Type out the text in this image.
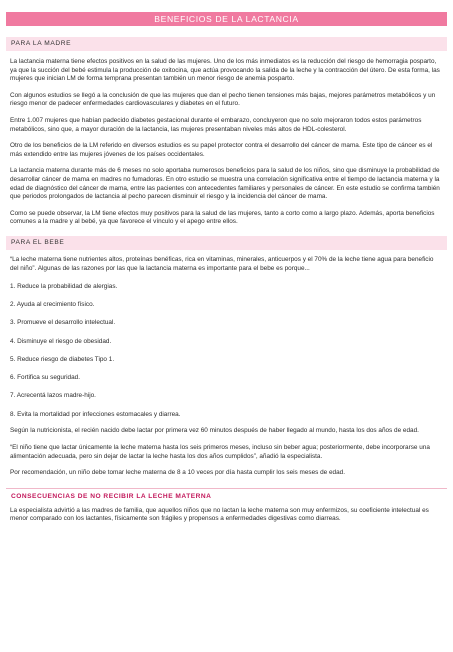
BENEFICIOS DE LA LACTANCIA
PARA LA MADRE

La lactancia materna tiene efectos positivos en la salud de las mujeres. Uno de los más inmediatos es la reducción del riesgo de hemorragia posparto, ya que la succión del bebé estimula la producción de oxitocina, que actúa provocando la salida de la leche y la contracción del útero. De esta forma, las mujeres que inician LM de forma temprana presentan también un menor riesgo de anemia posparto.

Con algunos estudios se llegó a la conclusión de que las mujeres que dan el pecho tienen tensiones más bajas, mejores parámetros metabólicos y un riesgo menor de padecer enfermedades cardiovasculares y diabetes en el futuro.

Entre 1.007 mujeres que habían padecido diabetes gestacional durante el embarazo, concluyeron que no solo mejoraron todos estos parámetros metabólicos, sino que, a mayor duración de la lactancia, las mujeres presentaban niveles más altos de HDL-colesterol.

Otro de los beneficios de la LM referido en diversos estudios es su papel protector contra el desarrollo del cáncer de mama. Este tipo de cáncer es el más extendido entre las mujeres jóvenes de los países occidentales.

La lactancia materna durante más de 6 meses no solo aportaba numerosos beneficios para la salud de los niños, sino que disminuye la probabilidad de desarrollar cáncer de mama en madres no fumadoras. En otro estudio se muestra una correlación significativa entre el tiempo de lactancia materna y la edad de diagnóstico del cáncer de mama, entre las pacientes con antecedentes familiares y personales de cáncer. En este estudio se confirma también que periodos prolongados de lactancia al pecho parecen disminuir el riesgo y la incidencia del cáncer de mama.

Como se puede observar, la LM tiene efectos muy positivos para la salud de las mujeres, tanto a corto como a largo plazo. Además, aporta beneficios comunes a la madre y al bebé, ya que favorece el vínculo y el apego entre ellos.

PARA EL BEBE

“La leche materna tiene nutrientes altos, proteínas benéficas, rica en vitaminas, minerales, anticuerpos y el 70% de la leche tiene agua para beneficio del niño”. Algunas de las razones por las que la lactancia materna es importante para el bebe es porque...

1. Reduce la probabilidad de alergias.
2. Ayuda al crecimiento físico.
3. Promueve el desarrollo intelectual.
4. Disminuye el riesgo de obesidad.
5. Reduce riesgo de diabetes Tipo 1.
6. Fortifica su seguridad.
7. Acrecentá lazos madre-hijo.
8. Evita la mortalidad por infecciones estomacales y diarrea.

Según la nutricionista, el recién nacido debe lactar por primera vez 60 minutos después de haber llegado al mundo, hasta los dos años de edad.

“El niño tiene que lactar únicamente la leche materna hasta los seis primeros meses, incluso sin beber agua; posteriormente, debe incorporarse una alimentación adecuada, pero sin dejar de lactar la leche hasta los dos años cumplidos”, añadió la especialista.

Por recomendación, un niño debe tomar leche materna de 8 a 10 veces por día hasta cumplir los seis meses de edad.

CONSECUENCIAS DE NO RECIBIR LA LECHE MATERNA

La especialista advirtió a las madres de familia, que aquellos niños que no lactan la leche materna son muy enfermizos, su coeficiente intelectual es menor comparado con los lactantes, físicamente son frágiles y propensos a enfermedades digestivas como diarreas.
